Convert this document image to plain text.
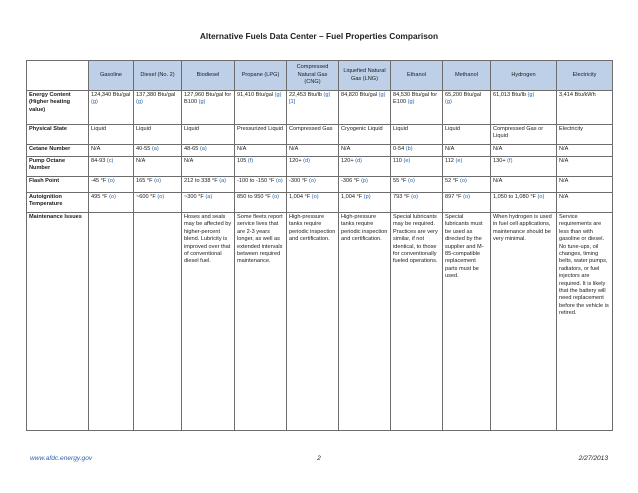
Alternative Fuels Data Center – Fuel Properties Comparison
	Gasoline	Diesel (No. 2)	Biodiesel	Propane (LPG)	Compressed Natural Gas (CNG)	Liquefied Natural Gas (LNG)	Ethanol	Methanol	Hydrogen	Electricity
Energy Content (Higher heating value)	124,340 Btu/gal (g)	137,380 Btu/gal (g)	127,960 Btu/gal for B100 (g)	91,410 Btu/gal (g)	22,453 Btu/lb (g) [1]	84,820 Btu/gal (g)	84,530 Btu/gal for E100 (g)	65,200 Btu/gal (g)	61,013 Btu/lb (g)	3,414 Btu/kWh
Physical State	Liquid	Liquid	Liquid	Pressurized Liquid	Compressed Gas	Cryogenic Liquid	Liquid	Liquid	Compressed Gas or Liquid	Electricity
Cetane Number	N/A	40-55 (a)	48-65 (a)	N/A	N/A	N/A	0-54 (b)	N/A	N/A	N/A
Pump Octane Number	84-93 (c)	N/A	N/A	105 (f)	120+ (d)	120+ (d)	110 (e)	112 (e)	130+ (f)	N/A
Flash Point	-45 °F (o)	165 °F (o)	212 to 338 °F (a)	-100 to -150 °F (o)	-300 °F (o)	-306 °F (p)	55 °F (o)	52 °F (o)	N/A	N/A
Autoignition Temperature	495 °F (o)	~600 °F (o)	~300 °F (a)	850 to 950 °F (o)	1,004 °F (o)	1,004 °F (p)	793 °F (o)	897 °F (o)	1,050 to 1,080 °F (o)	N/A
Maintenance Issues			Hoses and seals may be affected by higher-percent blend. Lubricity is improved over that of conventional diesel fuel.	Some fleets report service lives that are 2-3 years longer, as well as extended intervals between required maintenance.	High-pressure tanks require periodic inspection and certification.	High-pressure tanks require periodic inspection and certification.	Special lubricants may be required. Practices are very similar, if not identical, to those for conventionally fueled operations.	Special lubricants must be used as directed by the supplier and M-85-compatible replacement parts must be used.	When hydrogen is used in fuel cell applications, maintenance should be very minimal.	Service requirements are less than with gasoline or diesel. No tune-ups, oil changes, timing belts, water pumps, radiators, or fuel injectors are required. It is likely that the battery will need replacement before the vehicle is retired.
www.afdc.energy.gov	2	2/27/2013
